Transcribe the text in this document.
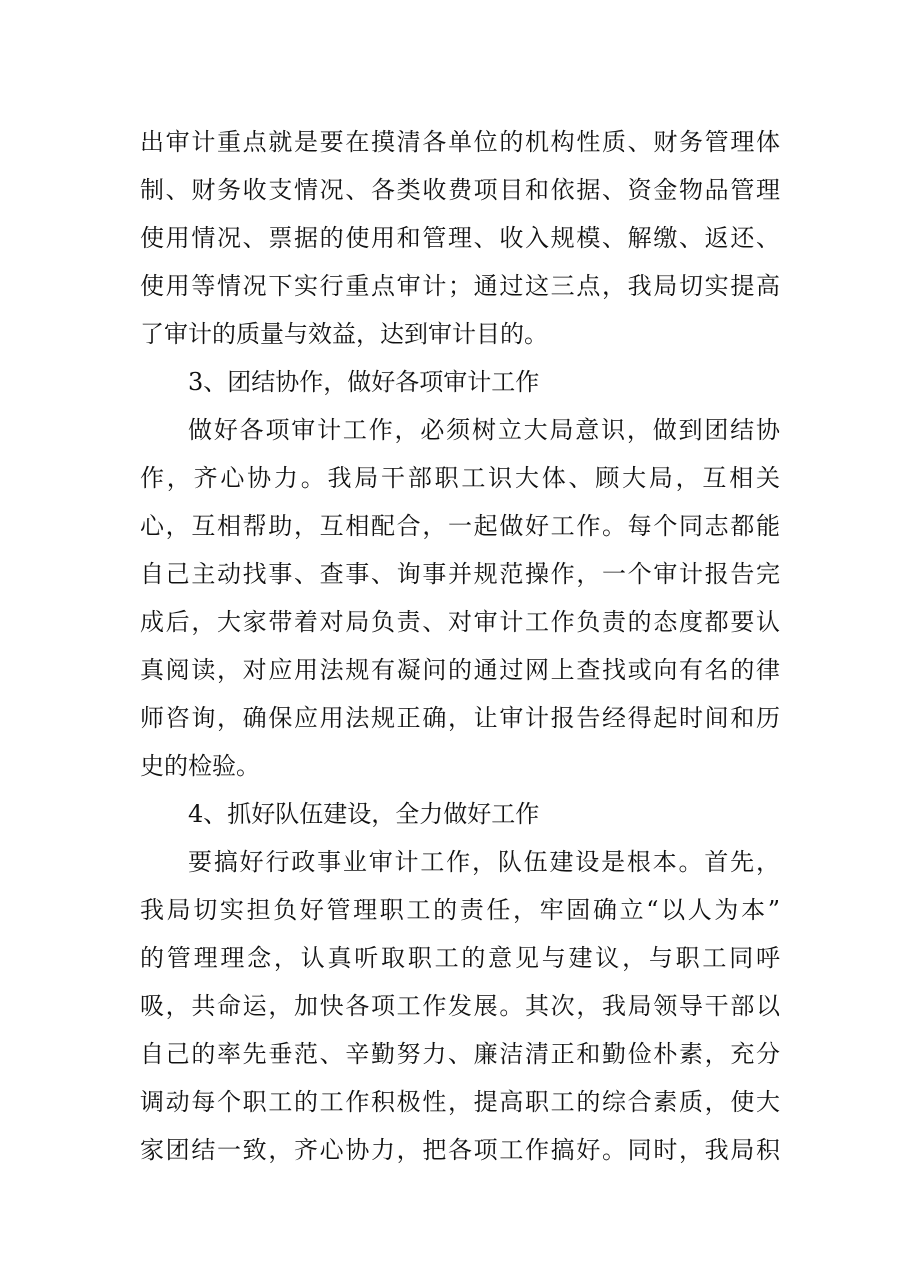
出审计重点就是要在摸清各单位的机构性质、财务管理体
制、财务收支情况、各类收费项目和依据、资金物品管理
使用情况、票据的使用和管理、收入规模、解缴、返还、
使用等情况下实行重点审计；通过这三点，我局切实提高
了审计的质量与效益，达到审计目的。
3、团结协作，做好各项审计工作
做好各项审计工作，必须树立大局意识，做到团结协
作，齐心协力。我局干部职工识大体、顾大局，互相关
心，互相帮助，互相配合，一起做好工作。每个同志都能
自己主动找事、查事、询事并规范操作，一个审计报告完
成后，大家带着对局负责、对审计工作负责的态度都要认
真阅读，对应用法规有凝问的通过网上查找或向有名的律
师咨询，确保应用法规正确，让审计报告经得起时间和历
史的检验。
4、抓好队伍建设，全力做好工作
要搞好行政事业审计工作，队伍建设是根本。首先，
我局切实担负好管理职工的责任，牢固确立“以人为本”
的管理理念，认真听取职工的意见与建议，与职工同呼
吸，共命运，加快各项工作发展。其次，我局领导干部以
自己的率先垂范、辛勤努力、廉洁清正和勤俭朴素，充分
调动每个职工的工作积极性，提高职工的综合素质，使大
家团结一致，齐心协力，把各项工作搞好。同时，我局积
